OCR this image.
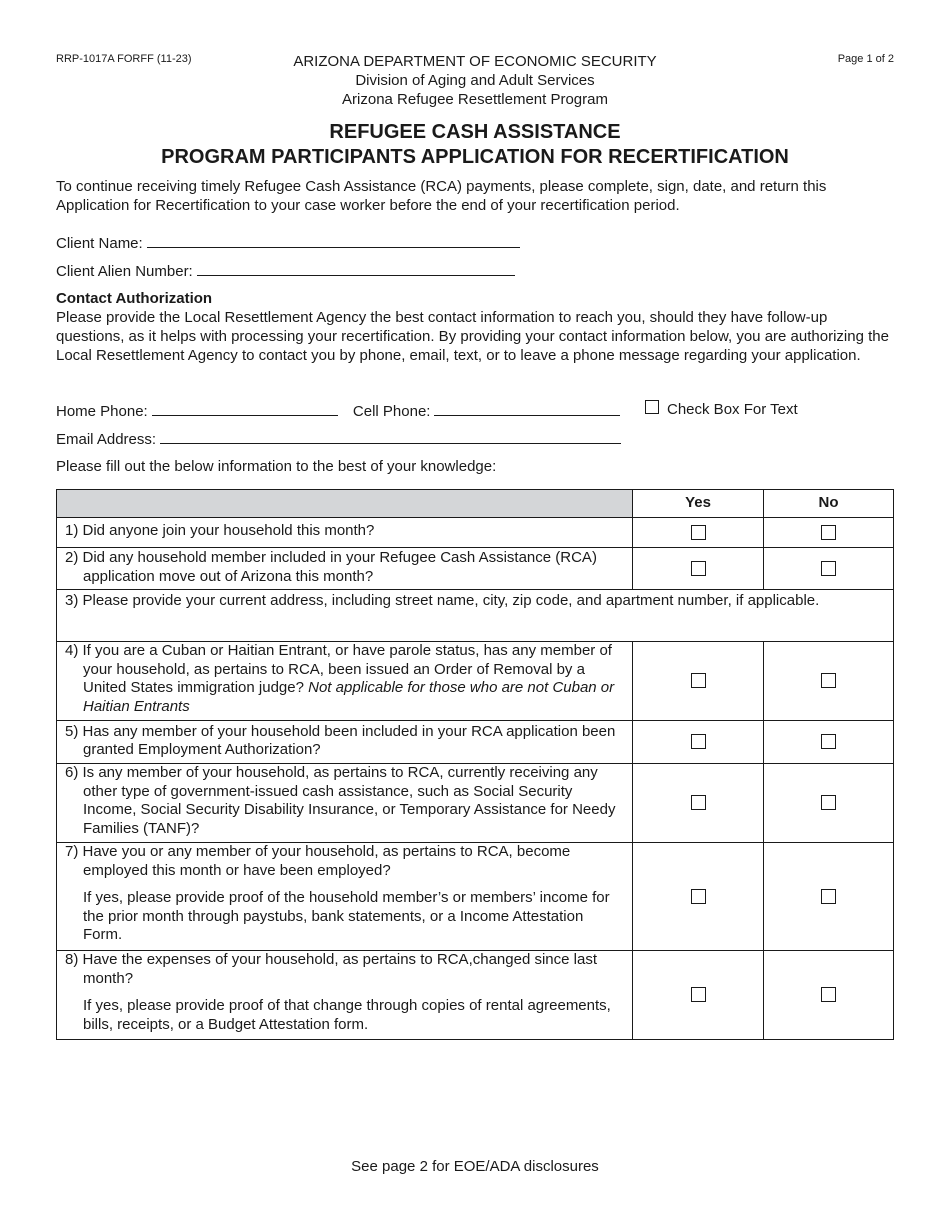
RRP-1017A FORFF (11-23)	Page 1 of 2
ARIZONA DEPARTMENT OF ECONOMIC SECURITY
Division of Aging and Adult Services
Arizona Refugee Resettlement Program
REFUGEE CASH ASSISTANCE
PROGRAM PARTICIPANTS APPLICATION FOR RECERTIFICATION
To continue receiving timely Refugee Cash Assistance (RCA) payments, please complete, sign, date, and return this Application for Recertification to your case worker before the end of your recertification period.
Client Name:
Client Alien Number:
Contact Authorization
Please provide the Local Resettlement Agency the best contact information to reach you, should they have follow-up questions, as it helps with processing your recertification. By providing your contact information below, you are authorizing the Local Resettlement Agency to contact you by phone, email, text, or to leave a phone message regarding your application.
Home Phone:	Cell Phone:	Check Box For Text
Email Address:
Please fill out the below information to the best of your knowledge:
	Yes	No
1) Did anyone join your household this month?		
2) Did any household member included in your Refugee Cash Assistance (RCA) application move out of Arizona this month?		
3) Please provide your current address, including street name, city, zip code, and apartment number, if applicable.		
4) If you are a Cuban or Haitian Entrant, or have parole status, has any member of your household, as pertains to RCA, been issued an Order of Removal by a United States immigration judge? Not applicable for those who are not Cuban or Haitian Entrants		
5) Has any member of your household been included in your RCA application been granted Employment Authorization?		
6) Is any member of your household, as pertains to RCA, currently receiving any other type of government-issued cash assistance, such as Social Security Income, Social Security Disability Insurance, or Temporary Assistance for Needy Families (TANF)?		

7) Have you or any member of your household, as pertains to RCA, become employed this month or have been employed?

If yes, please provide proof of the household member’s or members’ income for the prior month through paystubs, bank statements, or a Income Attestation Form.		

8) Have the expenses of your household, as pertains to RCA,changed since last month?

If yes, please provide proof of that change through copies of rental agreements, bills, receipts, or a Budget Attestation form.		

See page 2 for EOE/ADA disclosures
